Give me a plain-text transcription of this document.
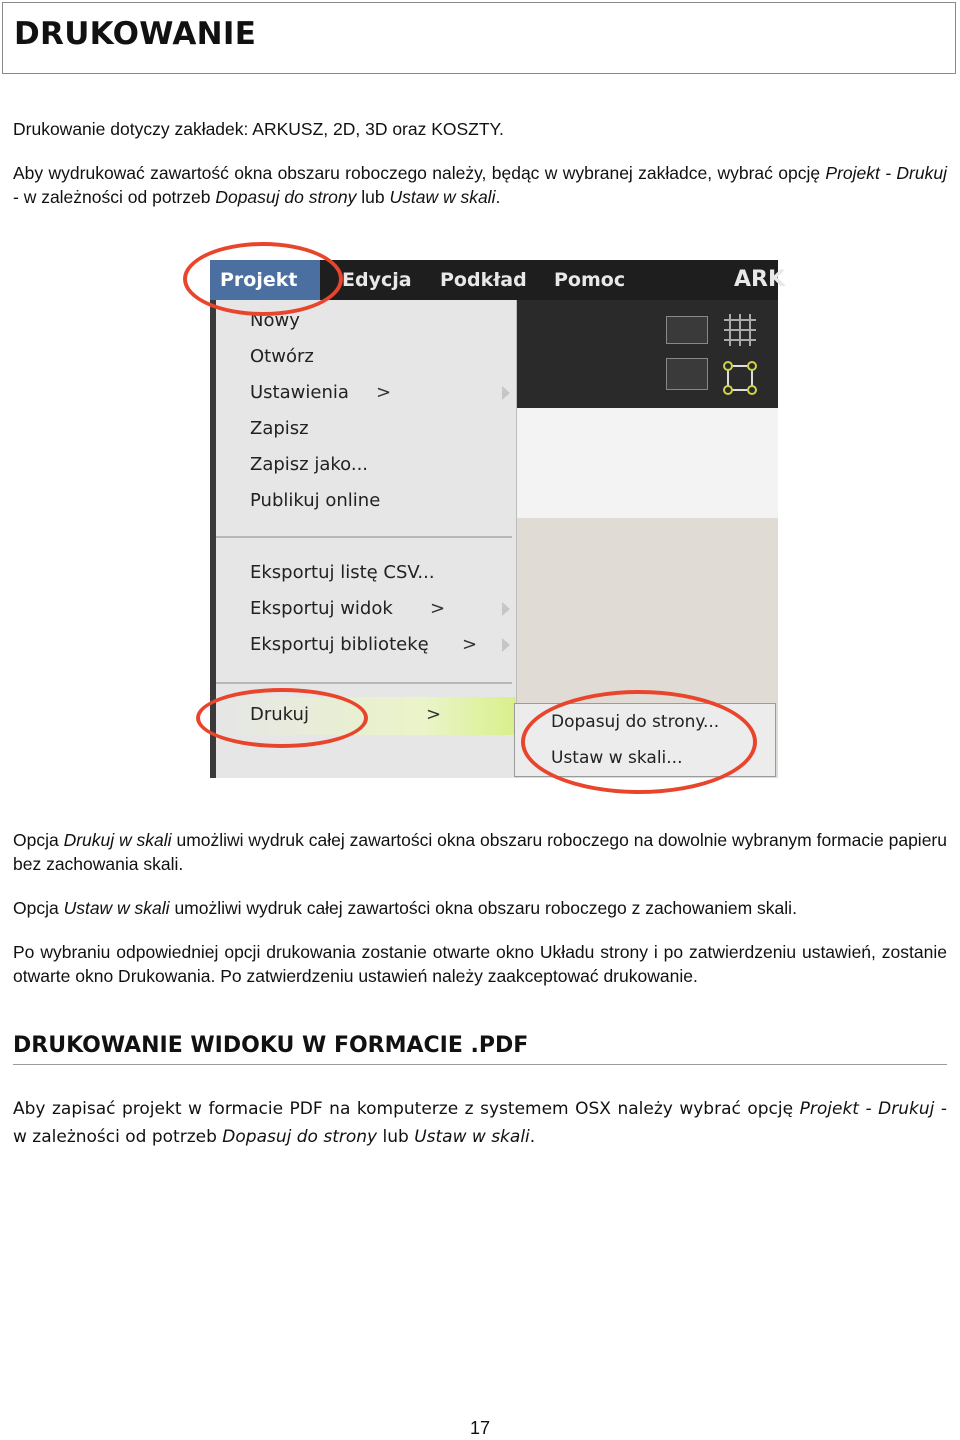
DRUKOWANIE

Drukowanie dotyczy zakładek: ARKUSZ, 2D, 3D oraz KOSZTY.

Aby wydrukować zawartość okna obszaru roboczego należy, będąc w wybranej zakładce, wybrać opcję Projekt - Drukuj - w zależności od potrzeb Dopasuj do strony lub Ustaw w skali.

Projekt	Edycja Podkład Pomoc	ARK
Nowy
Otwórz
Ustawienia >
Zapisz
Zapisz jako...
Publikuj online
Eksportuj listę CSV...
Eksportuj widok >
Eksportuj bibliotekę >
Drukuj	>	Dopasuj do strony...
Ustaw w skali...

Opcja Drukuj w skali umożliwi wydruk całej zawartości okna obszaru roboczego na dowolnie wybranym formacie papieru bez zachowania skali.

Opcja Ustaw w skali umożliwi wydruk całej zawartości okna obszaru roboczego z zachowaniem skali.

Po wybraniu odpowiedniej opcji drukowania zostanie otwarte okno Układu strony i po zatwierdzeniu ustawień, zostanie otwarte okno Drukowania. Po zatwierdzeniu ustawień należy zaakceptować drukowanie.

DRUKOWANIE WIDOKU W FORMACIE .PDF

Aby zapisać projekt w formacie PDF na komputerze z systemem OSX należy wybrać opcję Projekt - Drukuj - w zależności od potrzeb Dopasuj do strony lub Ustaw w skali.

17
